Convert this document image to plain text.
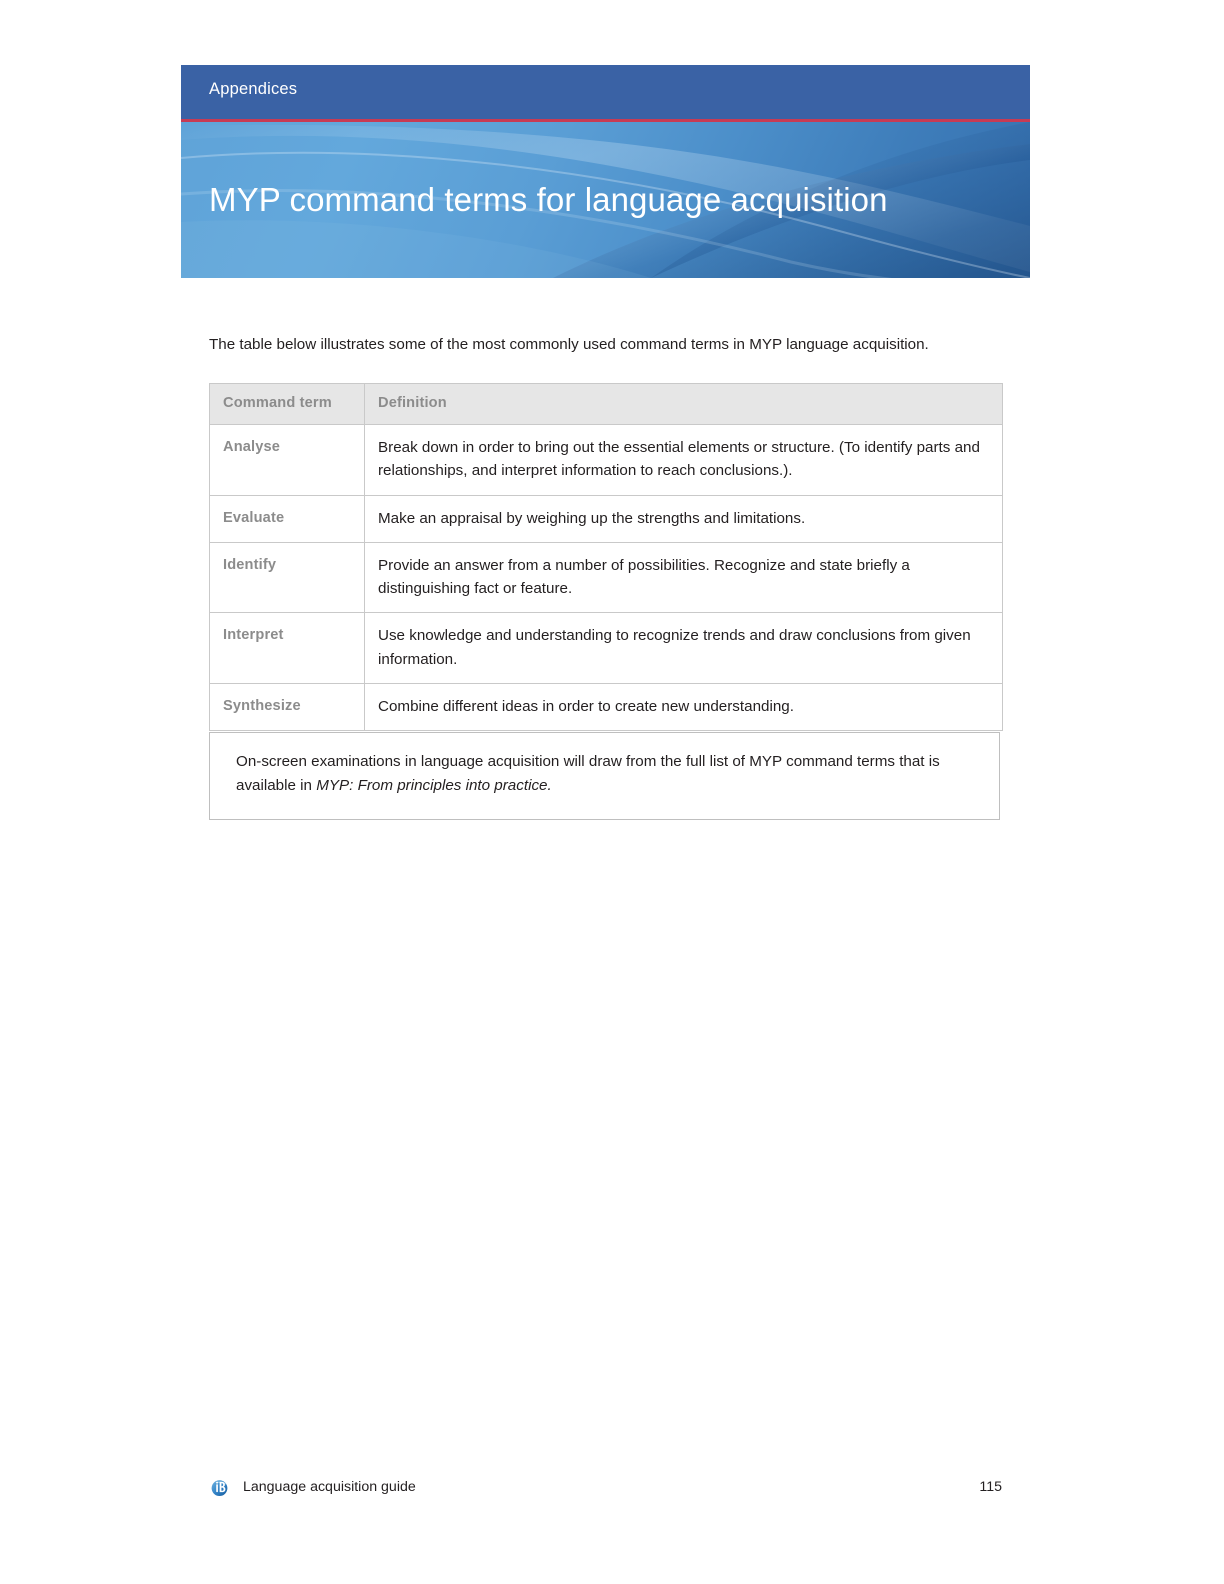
Appendices
MYP command terms for language acquisition
The table below illustrates some of the most commonly used command terms in MYP language acquisition.
Command term	Definition
Analyse	Break down in order to bring out the essential elements or structure. (To identify parts and relationships, and interpret information to reach conclusions.).
Evaluate	Make an appraisal by weighing up the strengths and limitations.
Identify	Provide an answer from a number of possibilities. Recognize and state briefly a distinguishing fact or feature.
Interpret	Use knowledge and understanding to recognize trends and draw conclusions from given information.
Synthesize	Combine different ideas in order to create new understanding.
On-screen examinations in language acquisition will draw from the full list of MYP command terms that is available in MYP: From principles into practice.
Language acquisition guide	115
